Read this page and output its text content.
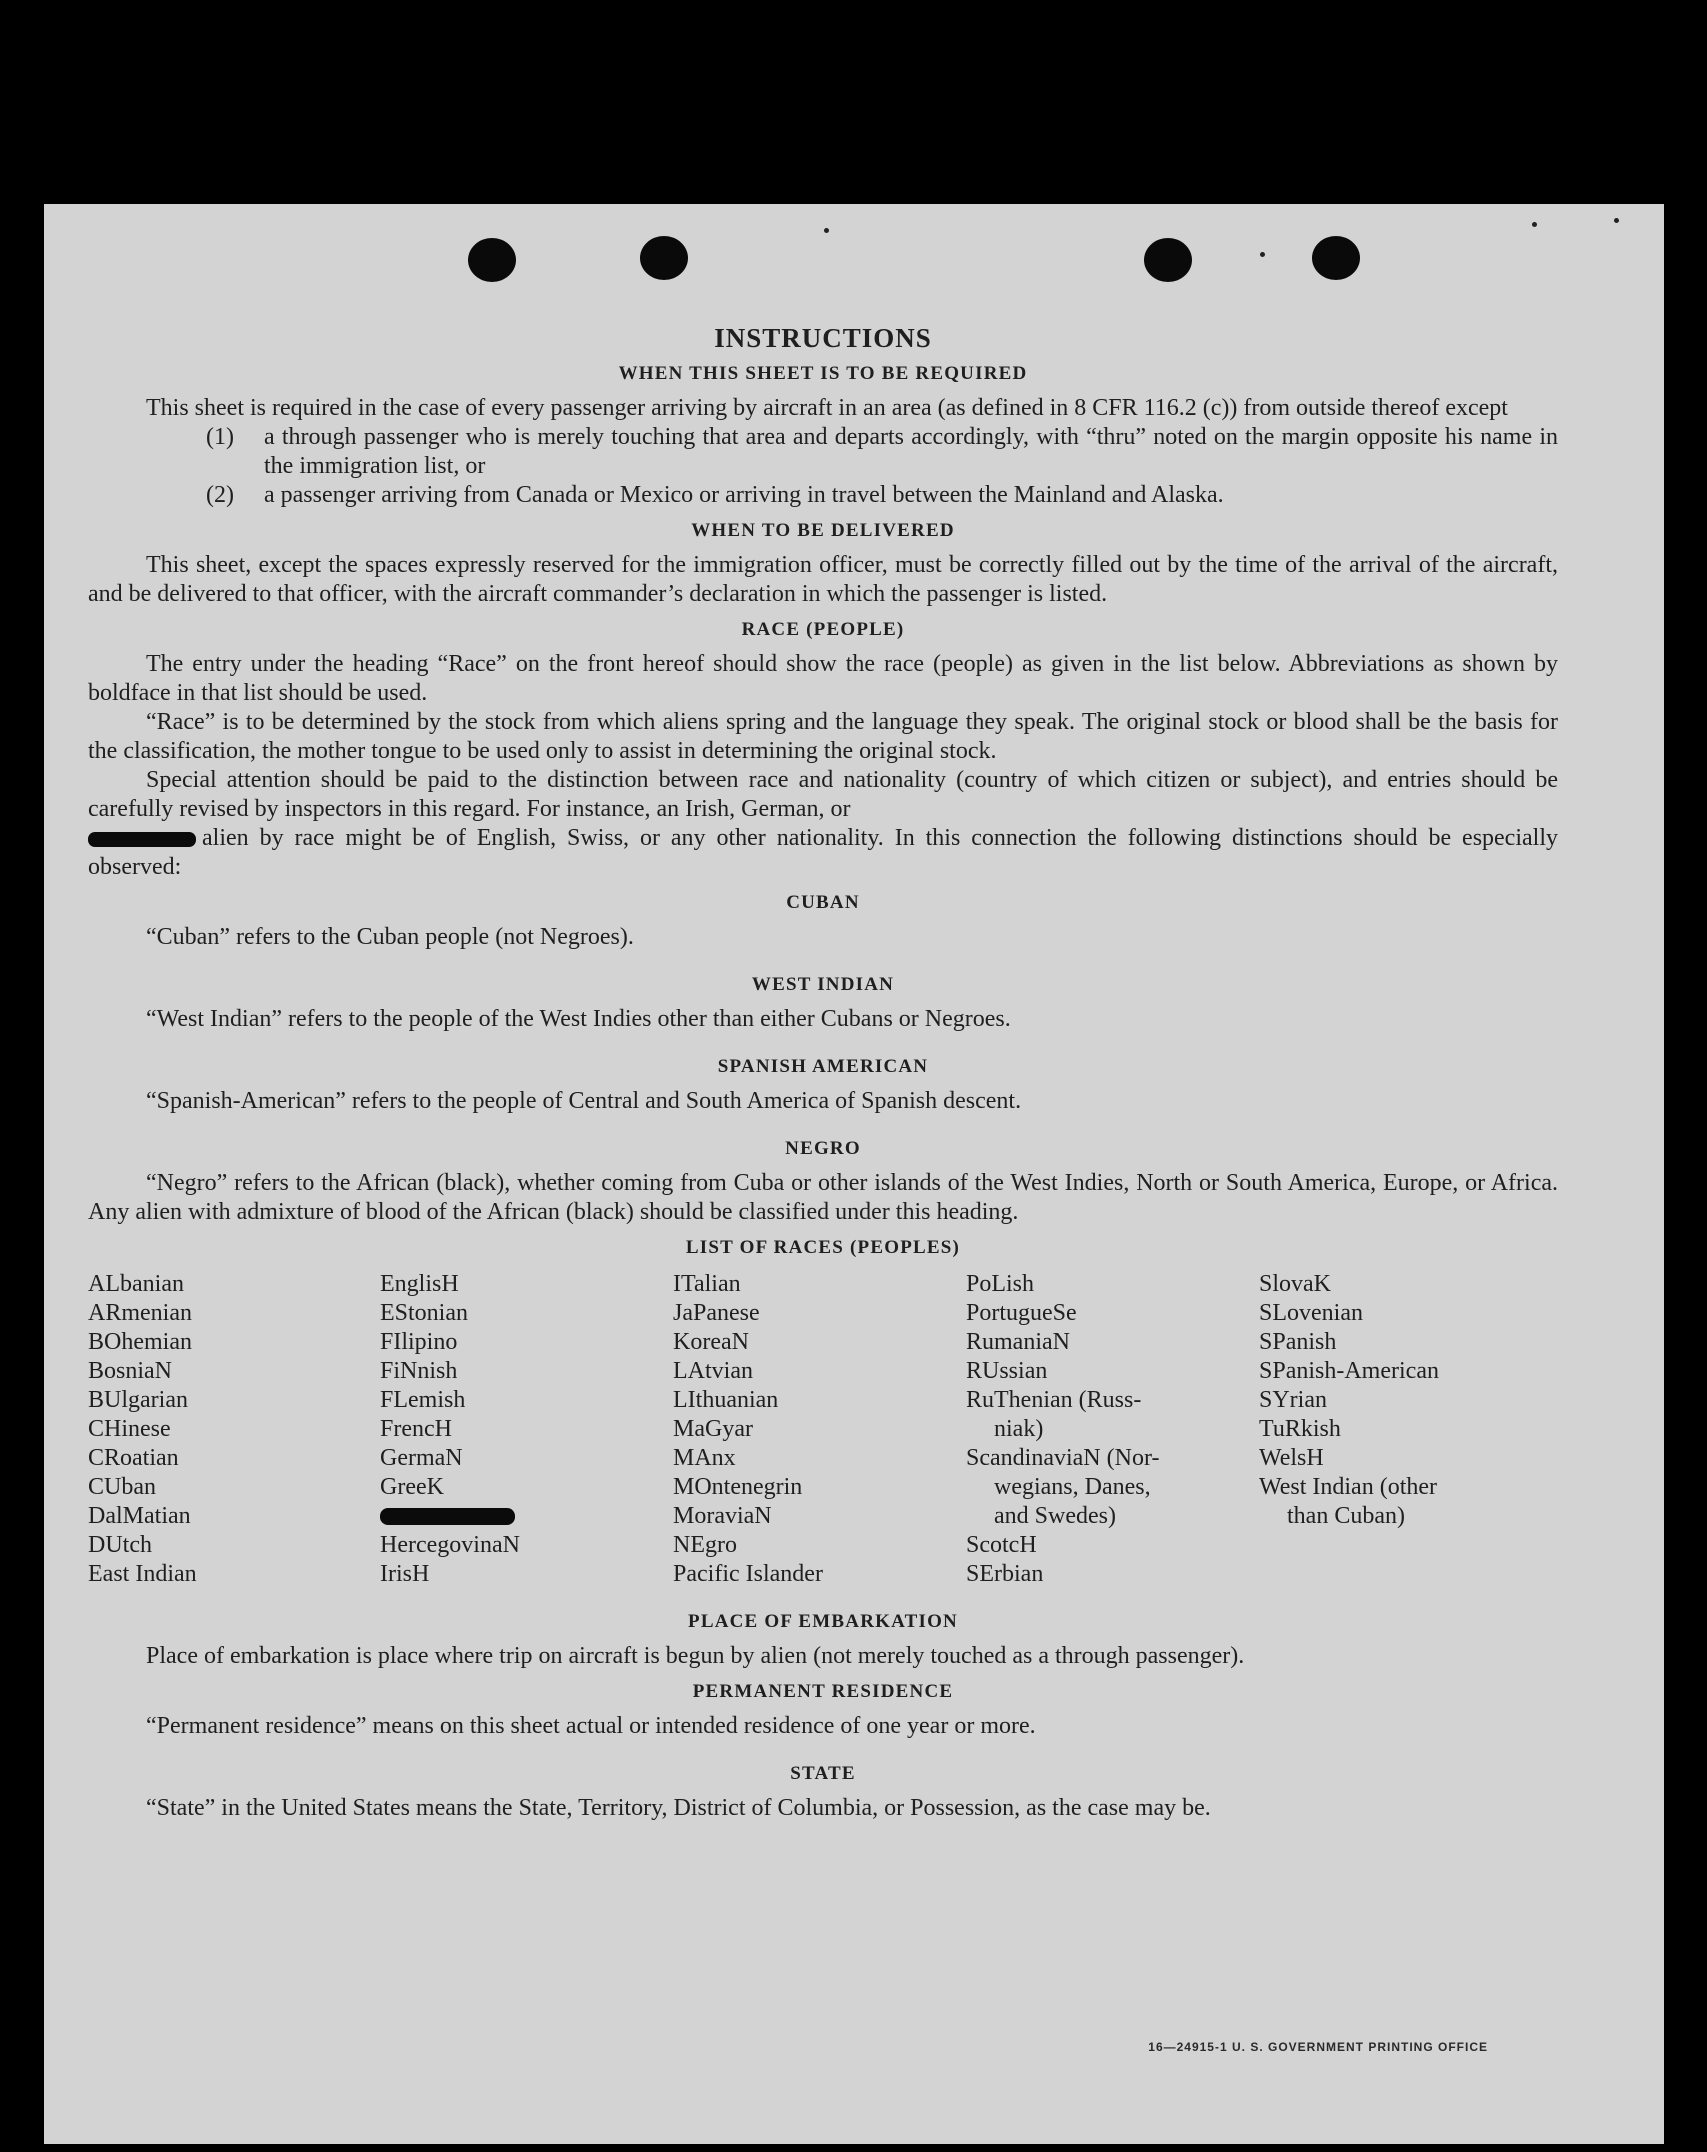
INSTRUCTIONS
WHEN THIS SHEET IS TO BE REQUIRED

This sheet is required in the case of every passenger arriving by aircraft in an area (as defined in 8 CFR 116.2 (c)) from outside thereof except

(1)	a through passenger who is merely touching that area and departs accordingly, with “thru” noted on the margin opposite his name in the immigration list, or
(2)	a passenger arriving from Canada or Mexico or arriving in travel between the Mainland and Alaska.
WHEN TO BE DELIVERED

This sheet, except the spaces expressly reserved for the immigration officer, must be correctly filled out by the time of the arrival of the aircraft, and be delivered to that officer, with the aircraft commander’s declaration in which the passenger is listed.

RACE (PEOPLE)

The entry under the heading “Race” on the front hereof should show the race (people) as given in the list below. Abbreviations as shown by boldface in that list should be used.

“Race” is to be determined by the stock from which aliens spring and the language they speak. The original stock or blood shall be the basis for the classification, the mother tongue to be used only to assist in determining the original stock.

Special attention should be paid to the distinction between race and nationality (country of which citizen or subject), and entries should be carefully revised by inspectors in this regard. For instance, an Irish, German, or

alien by race might be of English, Swiss, or any other nationality. In this connection the following distinctions should be especially observed:

CUBAN

“Cuban” refers to the Cuban people (not Negroes).

WEST INDIAN

“West Indian” refers to the people of the West Indies other than either Cubans or Negroes.

SPANISH AMERICAN

“Spanish-American” refers to the people of Central and South America of Spanish descent.

NEGRO

“Negro” refers to the African (black), whether coming from Cuba or other islands of the West Indies, North or South America, Europe, or Africa. Any alien with admixture of blood of the African (black) should be classified under this heading.

LIST OF RACES (PEOPLES)
ALbanian
ARmenian
BOhemian
BosniaN
BUlgarian
CHinese
CRoatian
CUban
DalMatian
DUtch
East Indian
EnglisH
EStonian
FIlipino
FiNnish
FLemish
FrencH
GermaN
GreeK
HercegovinaN
IrisH
ITalian
JaPanese
KoreaN
LAtvian
LIthuanian
MaGyar
MAnx
MOntenegrin
MoraviaN
NEgro
Pacific Islander
PoLish
PortugueSe
RumaniaN
RUssian
RuThenian (Russ-
niak)
ScandinaviaN (Nor-
wegians, Danes,
and Swedes)
ScotcH
SErbian
SlovaK
SLovenian
SPanish
SPanish-American
SYrian
TuRkish
WelsH
West Indian (other
than Cuban)
PLACE OF EMBARKATION

Place of embarkation is place where trip on aircraft is begun by alien (not merely touched as a through passenger).

PERMANENT RESIDENCE

“Permanent residence” means on this sheet actual or intended residence of one year or more.

STATE

“State” in the United States means the State, Territory, District of Columbia, or Possession, as the case may be.

16—24915-1 U. S. GOVERNMENT PRINTING OFFICE
